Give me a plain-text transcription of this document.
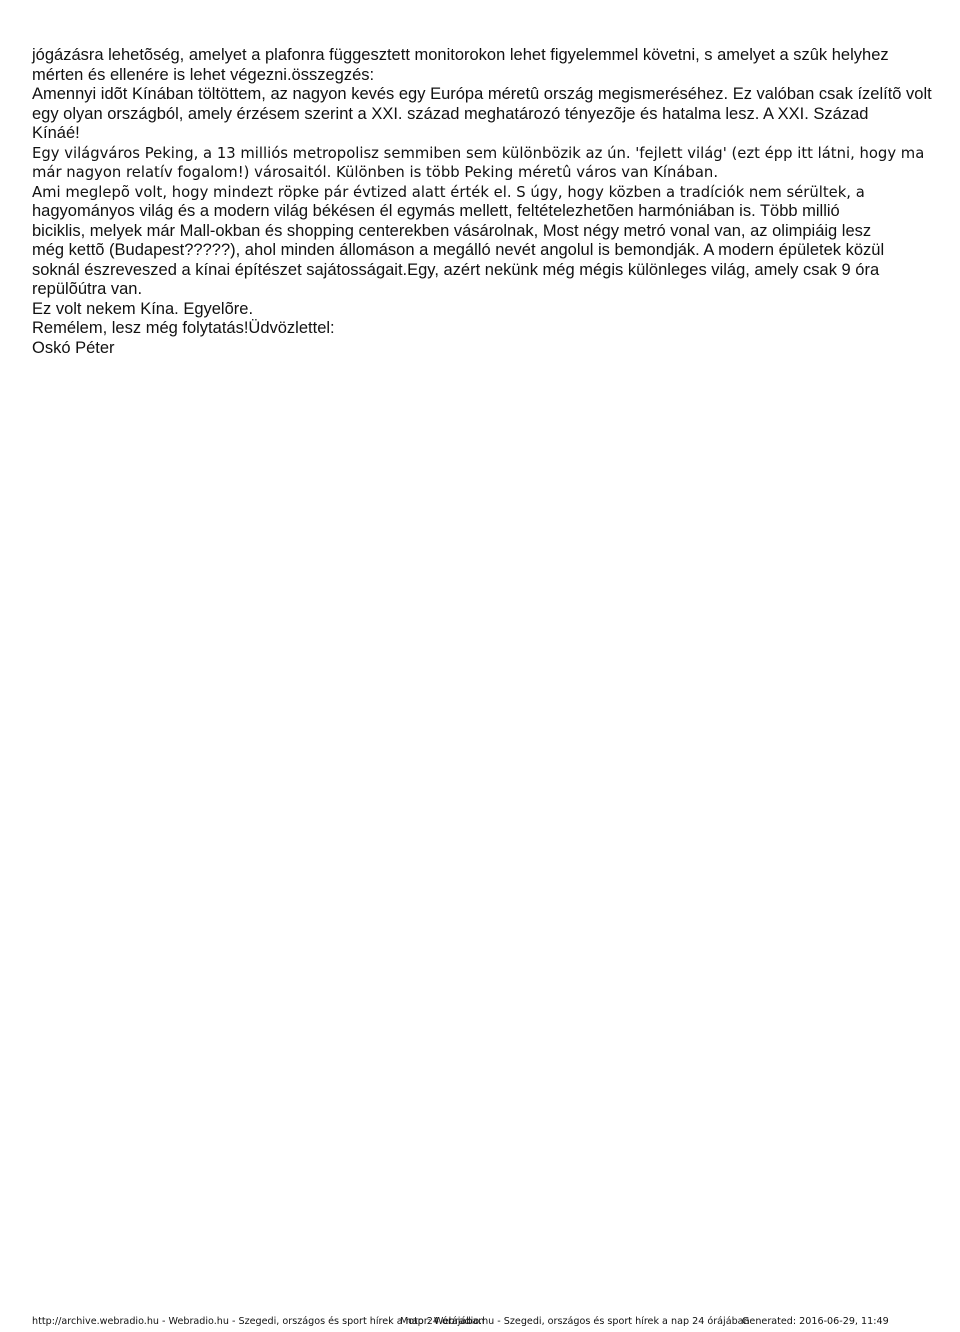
jógázásra lehetõség, amelyet a plafonra függesztett monitorokon lehet figyelemmel követni, s amelyet a szûk helyhez
mérten és ellenére is lehet végezni.összegzés:
Amennyi idõt Kínában töltöttem, az nagyon kevés egy Európa méretû ország megismeréséhez. Ez valóban csak ízelítõ volt
egy olyan országból, amely érzésem szerint a XXI. század meghatározó tényezõje és hatalma lesz. A XXI. Század
Kínáé!
Egy világváros Peking, a 13 milliós metropolisz semmiben sem különbözik az ún. 'fejlett világ' (ezt épp itt látni, hogy ma
már nagyon relatív fogalom!) városaitól. Különben is több Peking méretû város van Kínában.
Ami meglepõ volt, hogy mindezt röpke pár évtized alatt érték el. S úgy, hogy közben a tradíciók nem sérültek, a
hagyományos világ és a modern világ békésen él egymás mellett, feltételezhetõen harmóniában is. Több millió
biciklis, melyek már Mall-okban és shopping centerekben vásárolnak, Most négy metró vonal van, az olimpiáig lesz
még kettõ (Budapest?????), ahol minden állomáson a megálló nevét angolul is bemondják. A modern épületek közül
soknál észreveszed a kínai építészet sajátosságait.Egy, azért nekünk még mégis különleges világ, amely csak 9 óra
repülõútra van.
Ez volt nekem Kína. Egyelõre.
Remélem, lesz még folytatás!Üdvözlettel:
Oskó Péter
http://archive.webradio.hu - Webradio.hu - Szegedi, országos és sport hírek a nap 24 órájában
Motor: Webradio.hu - Szegedi, országos és sport hírek a nap 24 órájában
Generated: 2016-06-29, 11:49
